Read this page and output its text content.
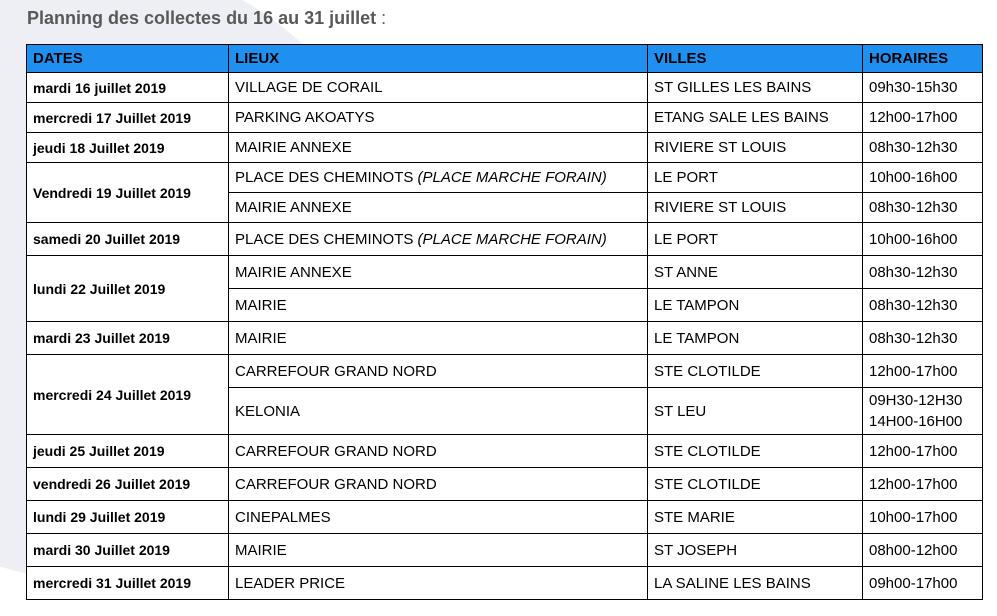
Planning des collectes du 16 au 31 juillet :
DATES	LIEUX	VILLES	HORAIRES
mardi 16 juillet 2019	VILLAGE DE CORAIL	ST GILLES LES BAINS	09h30-15h30
mercredi 17 Juillet 2019	PARKING AKOATYS	ETANG SALE LES BAINS	12h00-17h00
jeudi 18 Juillet 2019	MAIRIE ANNEXE	RIVIERE ST LOUIS	08h30-12h30
Vendredi 19 Juillet 2019	PLACE DES CHEMINOTS (PLACE MARCHE FORAIN)	LE PORT	10h00-16h00
	MAIRIE ANNEXE	RIVIERE ST LOUIS	08h30-12h30
samedi 20 Juillet 2019	PLACE DES CHEMINOTS (PLACE MARCHE FORAIN)	LE PORT	10h00-16h00
lundi 22 Juillet 2019	MAIRIE ANNEXE	ST ANNE	08h30-12h30
	MAIRIE	LE TAMPON	08h30-12h30
mardi 23 Juillet 2019	MAIRIE	LE TAMPON	08h30-12h30
mercredi 24 Juillet 2019	CARREFOUR GRAND NORD	STE CLOTILDE	12h00-17h00
	KELONIA	ST LEU	09H30-12H30
14H00-16H00

jeudi 25 Juillet 2019	CARREFOUR GRAND NORD	STE CLOTILDE	12h00-17h00
vendredi 26 Juillet 2019	CARREFOUR GRAND NORD	STE CLOTILDE	12h00-17h00
lundi 29 Juillet 2019	CINEPALMES	STE MARIE	10h00-17h00
mardi 30 Juillet 2019	MAIRIE	ST JOSEPH	08h00-12h00
mercredi 31 Juillet 2019	LEADER PRICE	LA SALINE LES BAINS	09h00-17h00
